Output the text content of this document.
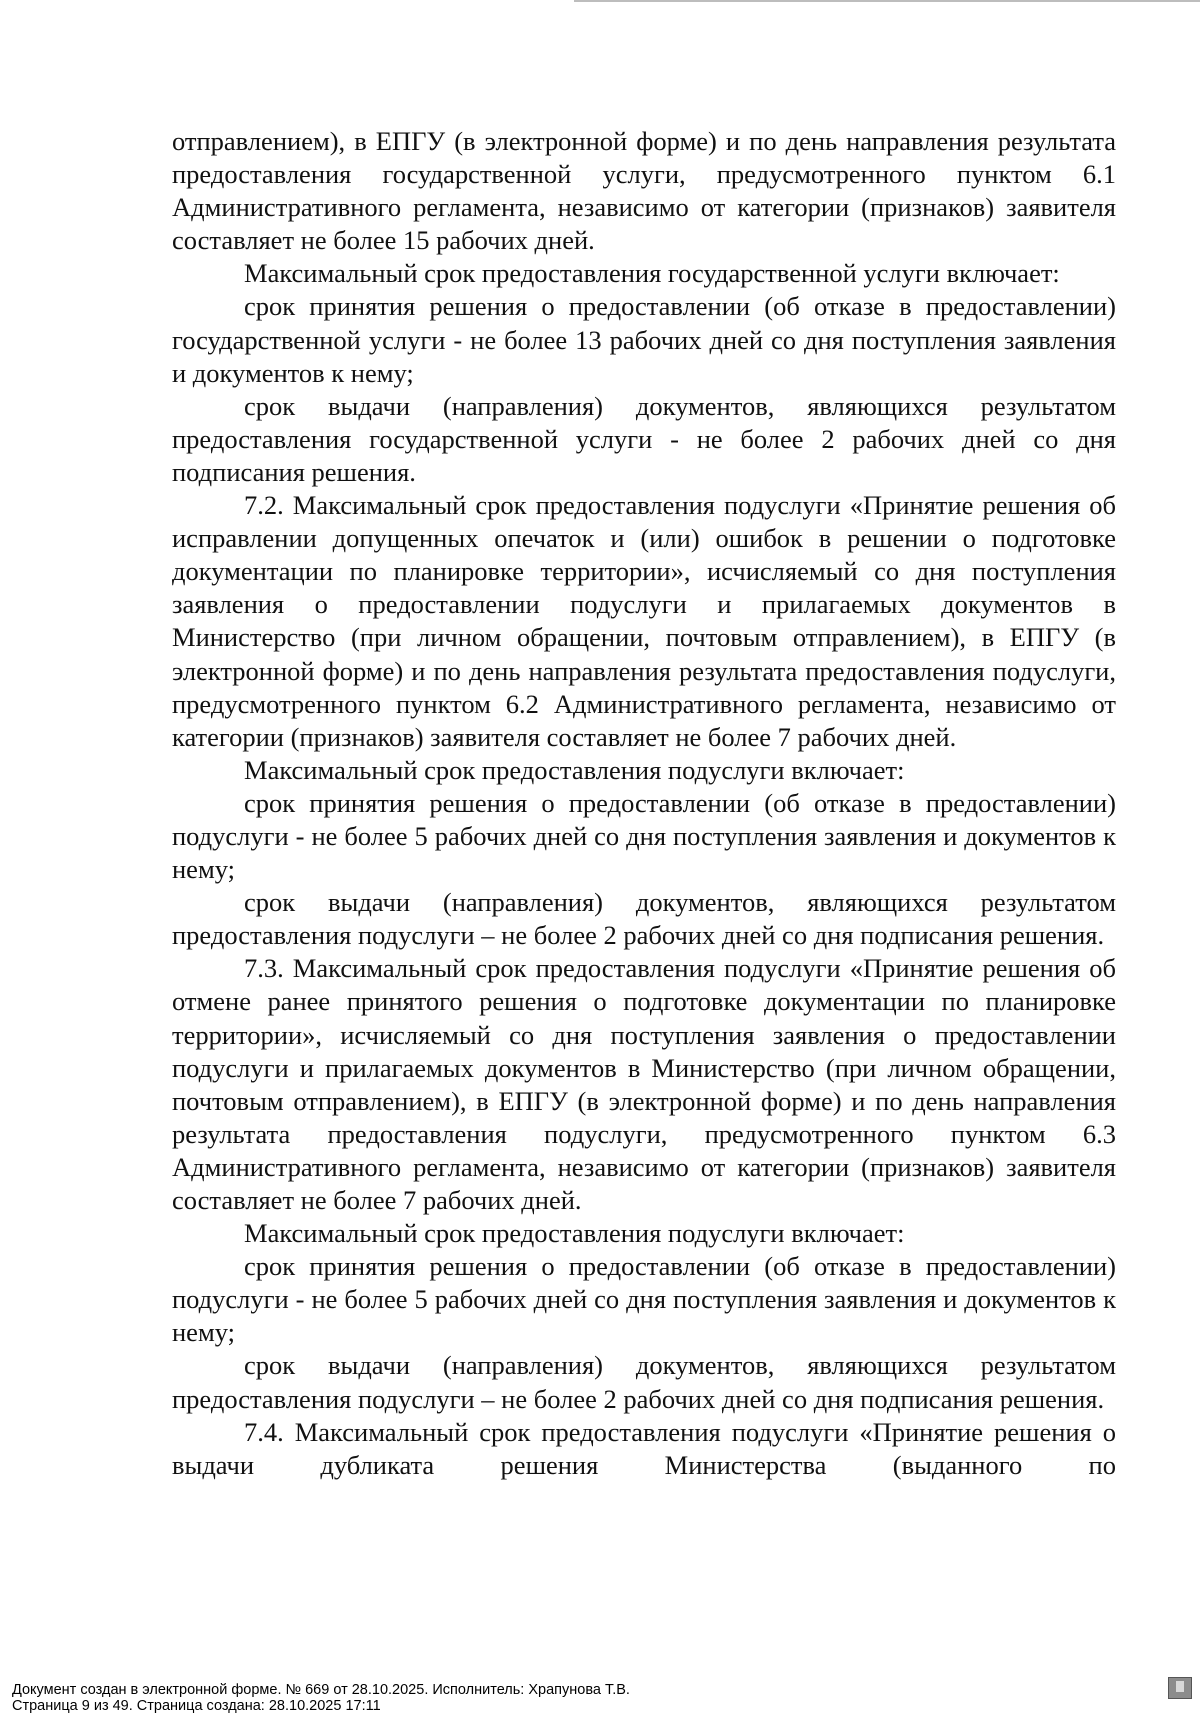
отправлением), в ЕПГУ (в электронной форме) и по день направления результата предоставления государственной услуги, предусмотренного пунктом 6.1 Административного регламента, независимо от категории (признаков) заявителя составляет не более 15 рабочих дней.

Максимальный срок предоставления государственной услуги включает:

срок принятия решения о предоставлении (об отказе в предоставлении) государственной услуги - не более 13 рабочих дней со дня поступления заявления и документов к нему;

срок выдачи (направления) документов, являющихся результатом предоставления государственной услуги - не более 2 рабочих дней со дня подписания решения.

7.2. Максимальный срок предоставления подуслуги «Принятие решения об исправлении допущенных опечаток и (или) ошибок в решении о подготовке документации по планировке территории», исчисляемый со дня поступления заявления о предоставлении подуслуги и прилагаемых документов в Министерство (при личном обращении, почтовым отправлением), в ЕПГУ (в электронной форме) и по день направления результата предоставления подуслуги, предусмотренного пунктом 6.2 Административного регламента, независимо от категории (признаков) заявителя составляет не более 7 рабочих дней.

Максимальный срок предоставления подуслуги включает:

срок принятия решения о предоставлении (об отказе в предоставлении) подуслуги - не более 5 рабочих дней со дня поступления заявления и документов к нему;

срок выдачи (направления) документов, являющихся результатом предоставления подуслуги – не более 2 рабочих дней со дня подписания решения.

7.3. Максимальный срок предоставления подуслуги «Принятие решения об отмене ранее принятого решения о подготовке документации по планировке территории», исчисляемый со дня поступления заявления о предоставлении подуслуги и прилагаемых документов в Министерство (при личном обращении, почтовым отправлением), в ЕПГУ (в электронной форме) и по день направления результата предоставления подуслуги, предусмотренного пунктом 6.3 Административного регламента, независимо от категории (признаков) заявителя составляет не более 7 рабочих дней.

Максимальный срок предоставления подуслуги включает:

срок принятия решения о предоставлении (об отказе в предоставлении) подуслуги - не более 5 рабочих дней со дня поступления заявления и документов к нему;

срок выдачи (направления) документов, являющихся результатом предоставления подуслуги – не более 2 рабочих дней со дня подписания решения.

7.4. Максимальный срок предоставления подуслуги «Принятие решения о выдачи дубликата решения Министерства (выданного по

Документ создан в электронной форме. № 669 от 28.10.2025. Исполнитель: Храпунова Т.В.
Страница 9 из 49. Страница создана: 28.10.2025 17:11
